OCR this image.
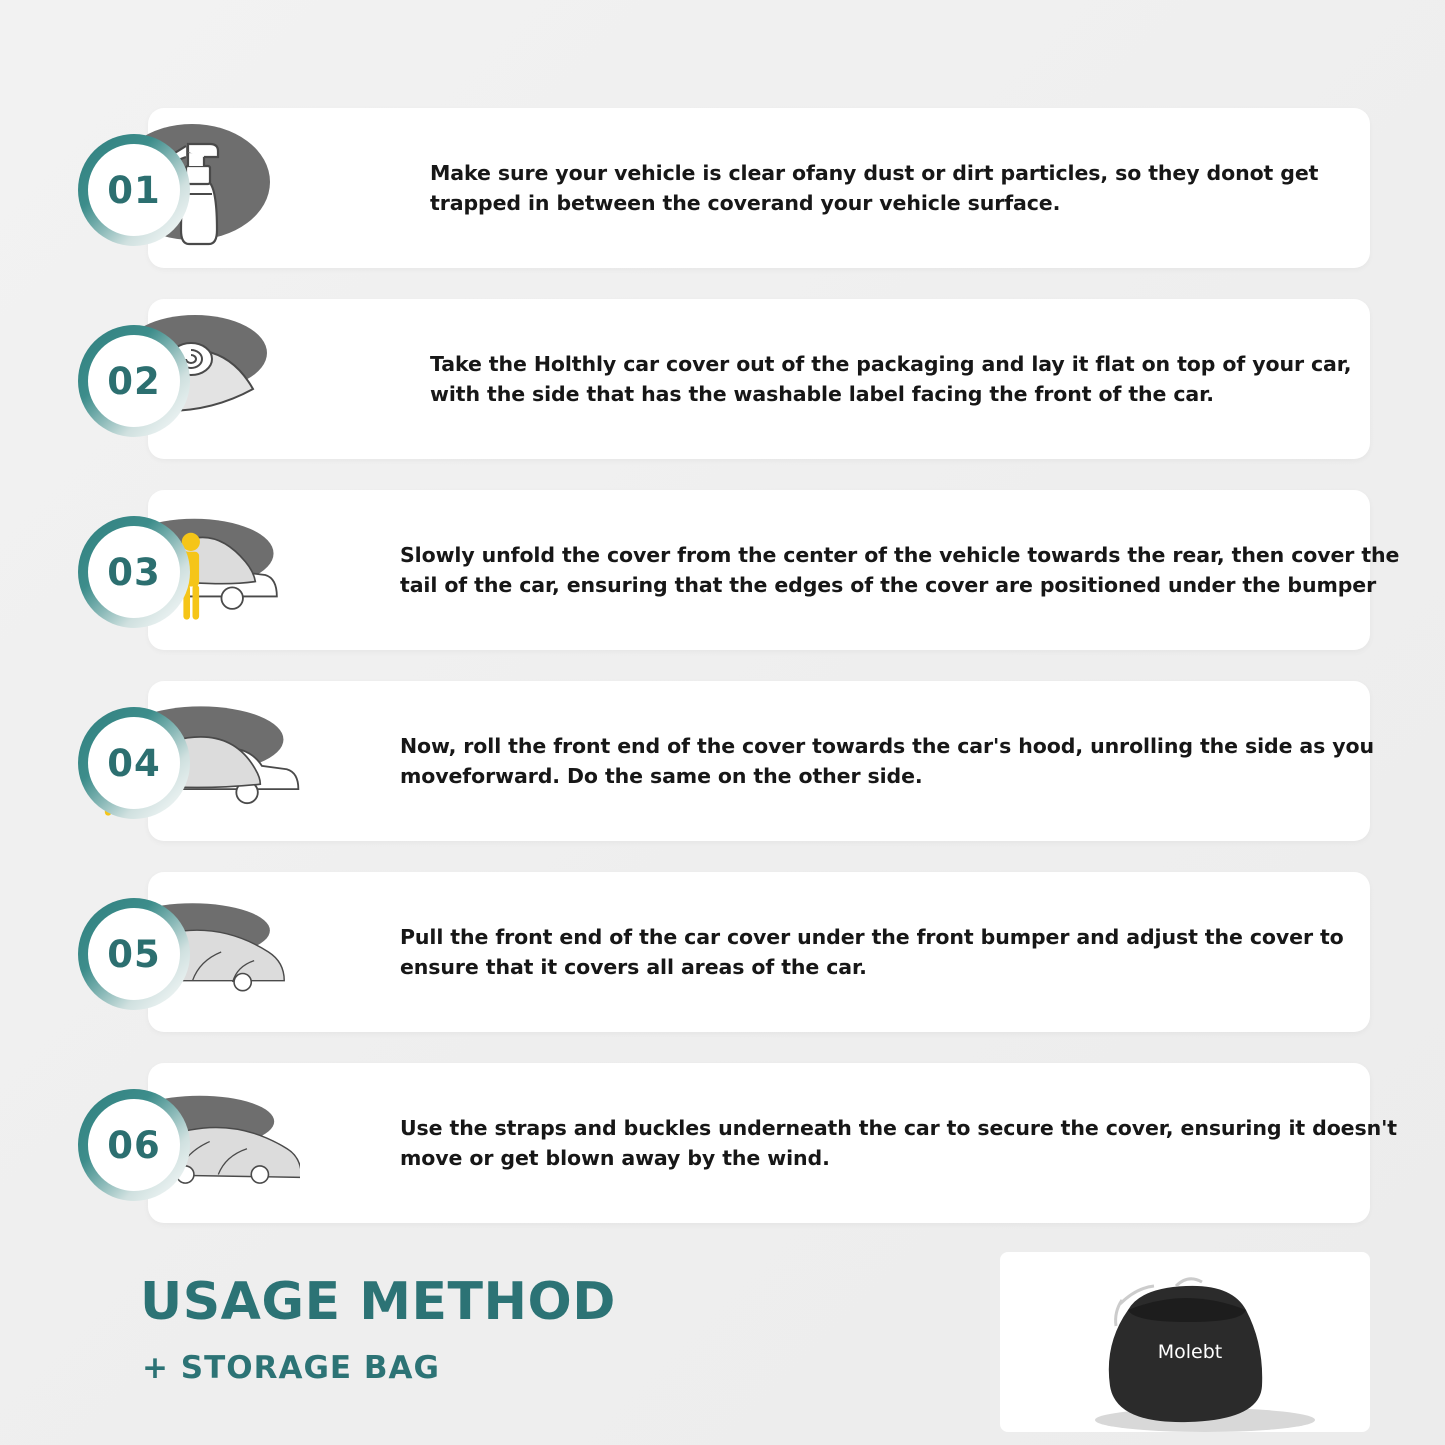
01	Make sure your vehicle is clear ofany dust or dirt particles, so they donot get trapped in between the coverand your vehicle surface.
02	Take the Holthly car cover out of the packaging and lay it flat on top of your car, with the side that has the washable label facing the front of the car.
03	Slowly unfold the cover from the center of the vehicle towards the rear, then cover the tail of the car, ensuring that the edges of the cover are positioned under the bumper
04	Now, roll the front end of the cover towards the car's hood, unrolling the side as you moveforward. Do the same on the other side.
05	Pull the front end of the car cover under the front bumper and adjust the cover to ensure that it covers all areas of the car.
06	Use the straps and buckles underneath the car to secure the cover, ensuring it doesn't move or get blown away by the wind.
USAGE METHOD
+ STORAGE BAG	Molebt
